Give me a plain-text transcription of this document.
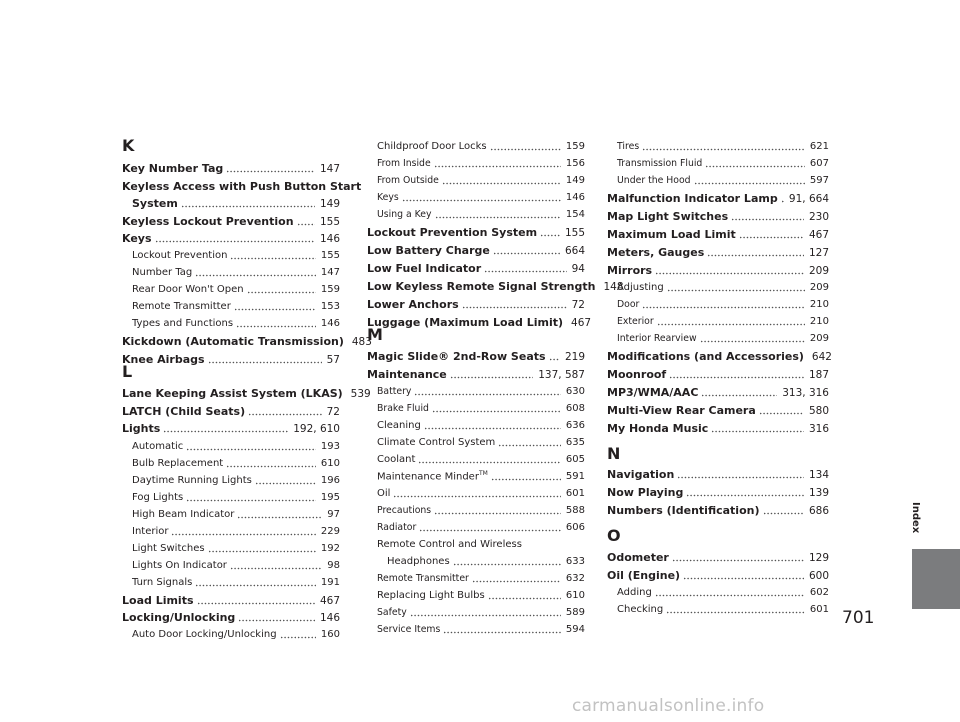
K
Key Number Tag	147
Keyless Access with Push Button Start
System	149
Keyless Lockout Prevention	155
Keys	146
Lockout Prevention	155
Number Tag	147
Rear Door Won't Open	159
Remote Transmitter	153
Types and Functions	146
Kickdown (Automatic Transmission) 483
Knee Airbags	57
L
Lane Keeping Assist System (LKAS) 539
LATCH (Child Seats)	72
Lights	192, 610
Automatic	193
Bulb Replacement	610
Daytime Running Lights	196
Fog Lights	195
High Beam Indicator	97
Interior	229
Light Switches	192
Lights On Indicator	98
Turn Signals	191
Load Limits	467
Locking/Unlocking	146
Auto Door Locking/Unlocking	160
Childproof Door Locks	159
From Inside	156
From Outside	149
Keys	146
Using a Key	154
Lockout Prevention System	155
Low Battery Charge	664
Low Fuel Indicator	94
Low Keyless Remote Signal Strength 148
Lower Anchors	72
Luggage (Maximum Load Limit) 467
M
Magic Slide® 2nd-Row Seats 219
Maintenance	137, 587
Battery	630
Brake Fluid	608
Cleaning	636
Climate Control System	635
Coolant	605
Maintenance Minder™	591
Oil	601
Precautions	588
Radiator	606
Remote Control and Wireless
Headphones	633
Remote Transmitter	632
Replacing Light Bulbs	610
Safety	589
Service Items	594
Tires	621
Transmission Fluid	607
Under the Hood	597
Malfunction Indicator Lamp 91, 664
Map Light Switches	230
Maximum Load Limit	467
Meters, Gauges	127
Mirrors	209
Adjusting	209
Door	210
Exterior	210
Interior Rearview	209
Modifications (and Accessories) 642
Moonroof	187
MP3/WMA/AAC	313, 316
Multi-View Rear Camera	580
My Honda Music	316
N
Navigation	134
Now Playing	139
Numbers (Identification)	686
O
Odometer	129
Oil (Engine)	600
Adding	602
Checking	601
Index
701
carmanualsonline.info
